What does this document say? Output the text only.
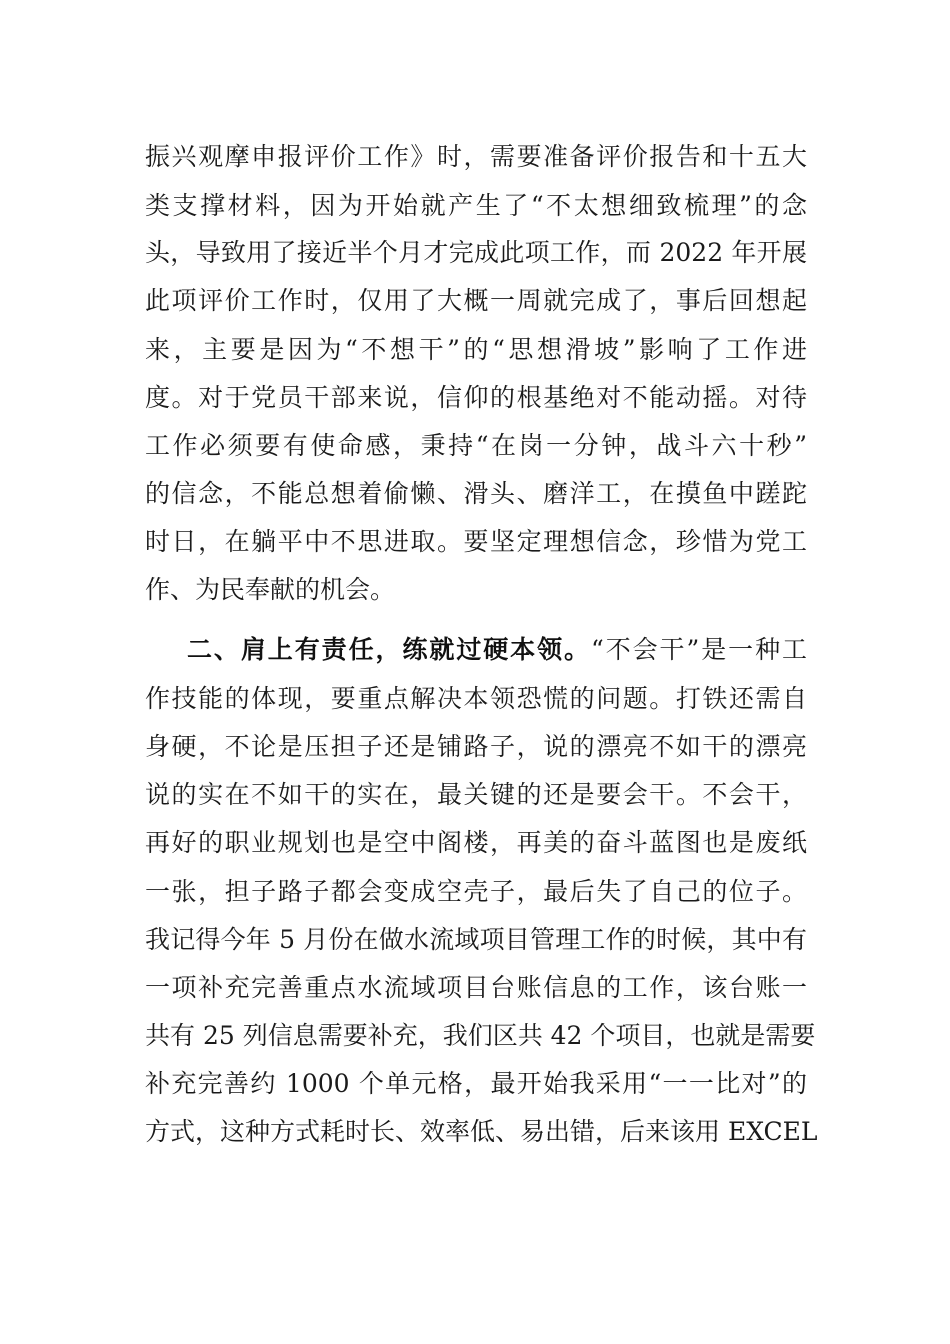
振兴观摩申报评价工作》时，需要准备评价报告和十五大
类支撑材料，因为开始就产生了“不太想细致梳理”的念
头，导致用了接近半个月才完成此项工作，而 2022 年开展
此项评价工作时，仅用了大概一周就完成了，事后回想起
来，主要是因为“不想干”的“思想滑坡”影响了工作进
度。对于党员干部来说，信仰的根基绝对不能动摇。对待
工作必须要有使命感，秉持“在岗一分钟，战斗六十秒”
的信念，不能总想着偷懒、滑头、磨洋工，在摸鱼中蹉跎
时日，在躺平中不思进取。要坚定理想信念，珍惜为党工
作、为民奉献的机会。
二、肩上有责任，练就过硬本领。“不会干”是一种工
作技能的体现，要重点解决本领恐慌的问题。打铁还需自
身硬，不论是压担子还是铺路子，说的漂亮不如干的漂亮
说的实在不如干的实在，最关键的还是要会干。不会干，
再好的职业规划也是空中阁楼，再美的奋斗蓝图也是废纸
一张，担子路子都会变成空壳子，最后失了自己的位子。
我记得今年 5 月份在做水流域项目管理工作的时候，其中有
一项补充完善重点水流域项目台账信息的工作，该台账一
共有 25 列信息需要补充，我们区共 42 个项目，也就是需要
补充完善约 1000 个单元格，最开始我采用“一一比对”的
方式，这种方式耗时长、效率低、易出错，后来该用 EXCEL
